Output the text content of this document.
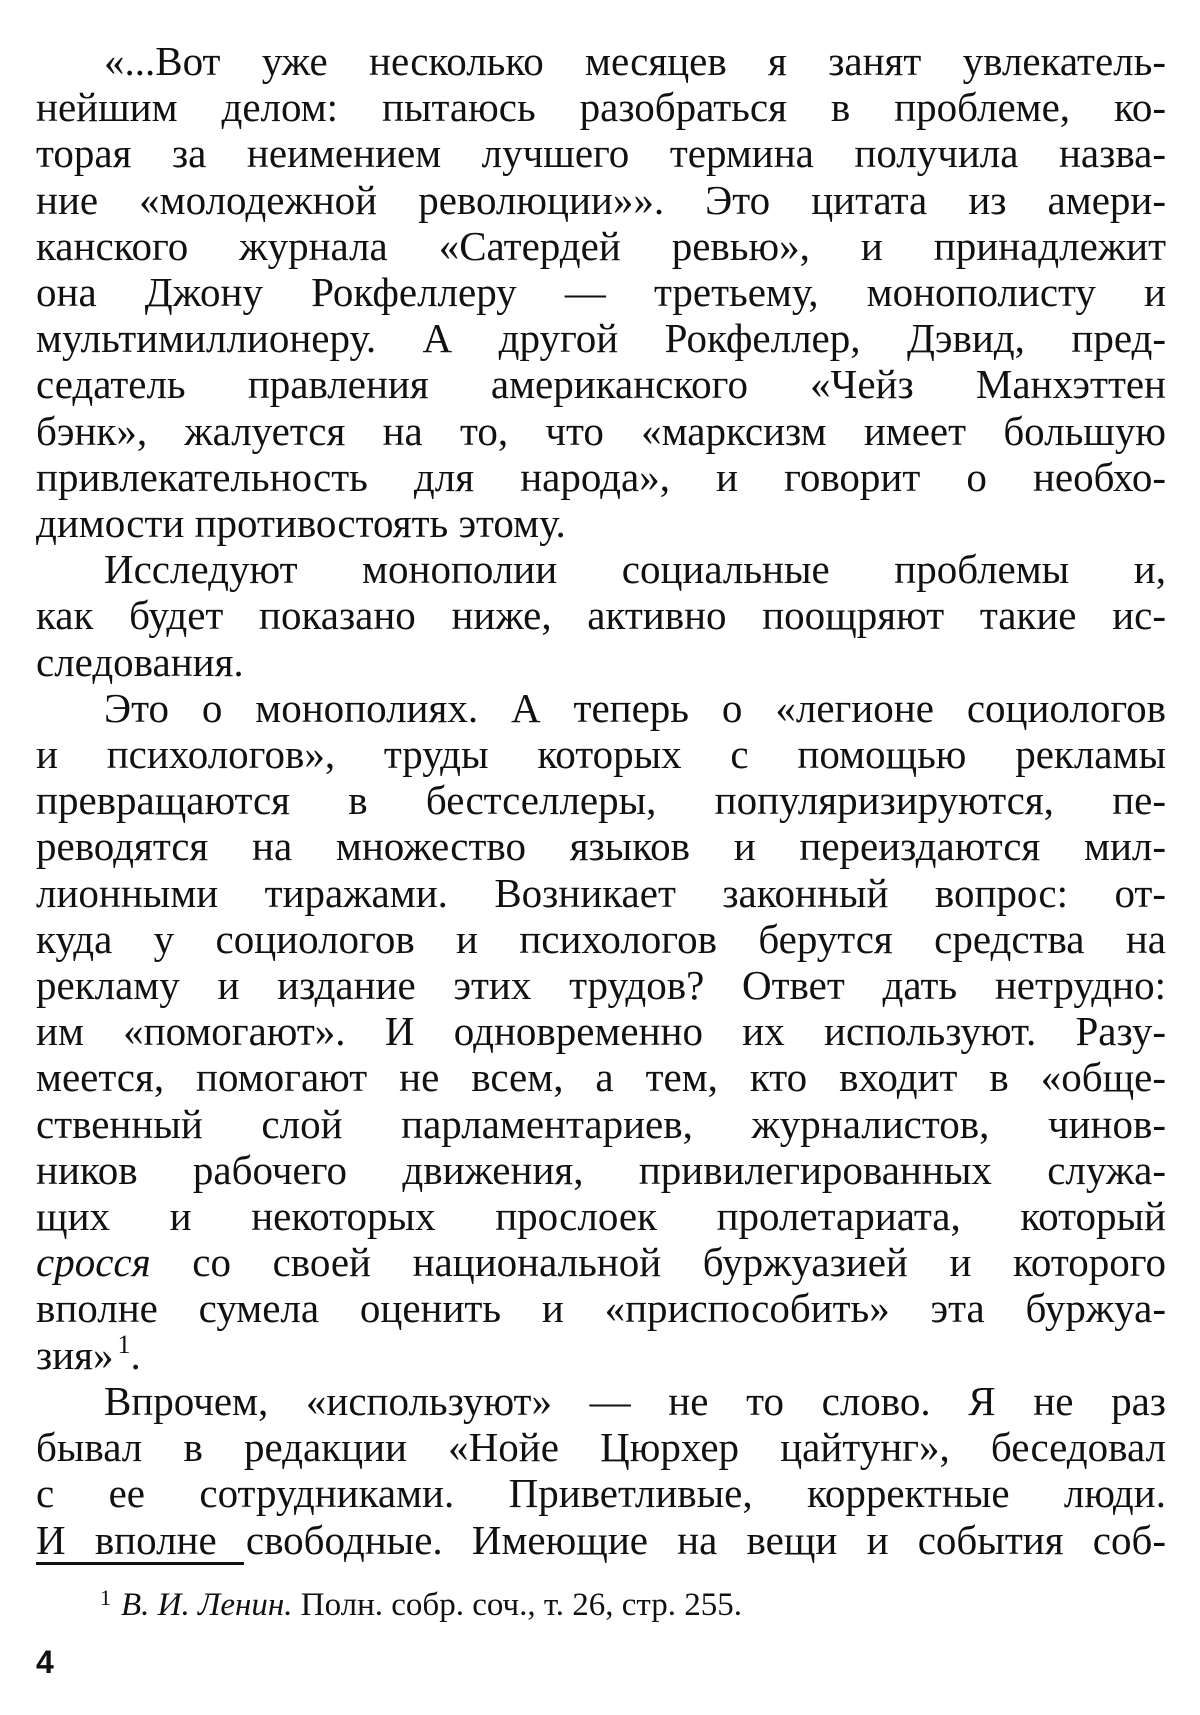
«...Вот уже несколько месяцев я занят увлекатель-
нейшим делом: пытаюсь разобраться в проблеме, ко-
торая за неимением лучшего термина получила назва-
ние «молодежной революции»». Это цитата из амери-
канского журнала «Сатердей ревью», и принадлежит
она Джону Рокфеллеру — третьему, монополисту и
мультимиллионеру. А другой Рокфеллер, Дэвид, пред-
седатель правления американского «Чейз Манхэттен
бэнк», жалуется на то, что «марксизм имеет большую
привлекательность для народа», и говорит о необхо-
димости противостоять этому.
Исследуют монополии социальные проблемы и,
как будет показано ниже, активно поощряют такие ис-
следования.
Это о монополиях. А теперь о «легионе социологов
и психологов», труды которых с помощью рекламы
превращаются в бестселлеры, популяризируются, пе-
реводятся на множество языков и переиздаются мил-
лионными тиражами. Возникает законный вопрос: от-
куда у социологов и психологов берутся средства на
рекламу и издание этих трудов? Ответ дать нетрудно:
им «помогают». И одновременно их используют. Разу-
меется, помогают не всем, а тем, кто входит в «обще-
ственный слой парламентариев, журналистов, чинов-
ников рабочего движения, привилегированных служа-
щих и некоторых прослоек пролетариата, который
сросся со своей национальной буржуазией и которого
вполне сумела оценить и «приспособить» эта буржуа-
зия» $^1$.
Впрочем, «используют» — не то слово. Я не раз
бывал в редакции «Нойе Цюрхер цайтунг», беседовал
с ее сотрудниками. Приветливые, корректные люди.
И вполне свободные. Имеющие на вещи и события соб-
$^1$ В. И. Ленин. Полн. собр. соч., т. 26, стр. 255.
4
